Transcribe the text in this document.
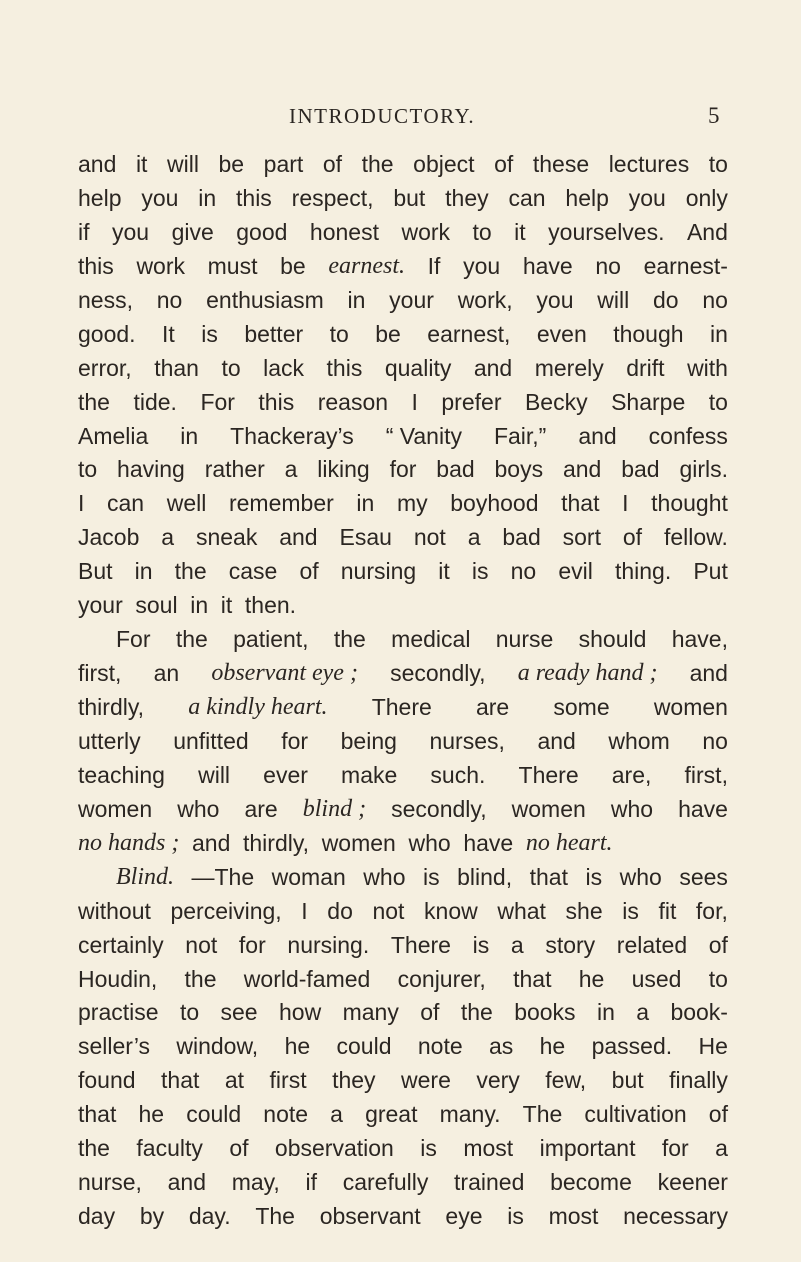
INTRODUCTORY.	5
and it will be part of the object of these lectures to
help you in this respect, but they can help you only
if you give good honest work to it yourselves. And
this work must be earnest. If you have no earnest-
ness, no enthusiasm in your work, you will do no
good. It is better to be earnest, even though in
error, than to lack this quality and merely drift with
the tide. For this reason I prefer Becky Sharpe to
Amelia in Thackeray’s “ Vanity Fair,” and confess
to having rather a liking for bad boys and bad girls.
I can well remember in my boyhood that I thought
Jacob a sneak and Esau not a bad sort of fellow.
But in the case of nursing it is no evil thing. Put
your soul in it then.
For the patient, the medical nurse should have,
first, an observant eye ; secondly, a ready hand ; and
thirdly, a kindly heart. There are some women
utterly unfitted for being nurses, and whom no
teaching will ever make such. There are, first,
women who are blind ; secondly, women who have
no hands ; and thirdly, women who have no heart.
Blind. —The woman who is blind, that is who sees
without perceiving, I do not know what she is fit for,
certainly not for nursing. There is a story related of
Houdin, the world-famed conjurer, that he used to
practise to see how many of the books in a book-
seller’s window, he could note as he passed. He
found that at first they were very few, but finally
that he could note a great many. The cultivation of
the faculty of observation is most important for a
nurse, and may, if carefully trained become keener
day by day. The observant eye is most necessary
